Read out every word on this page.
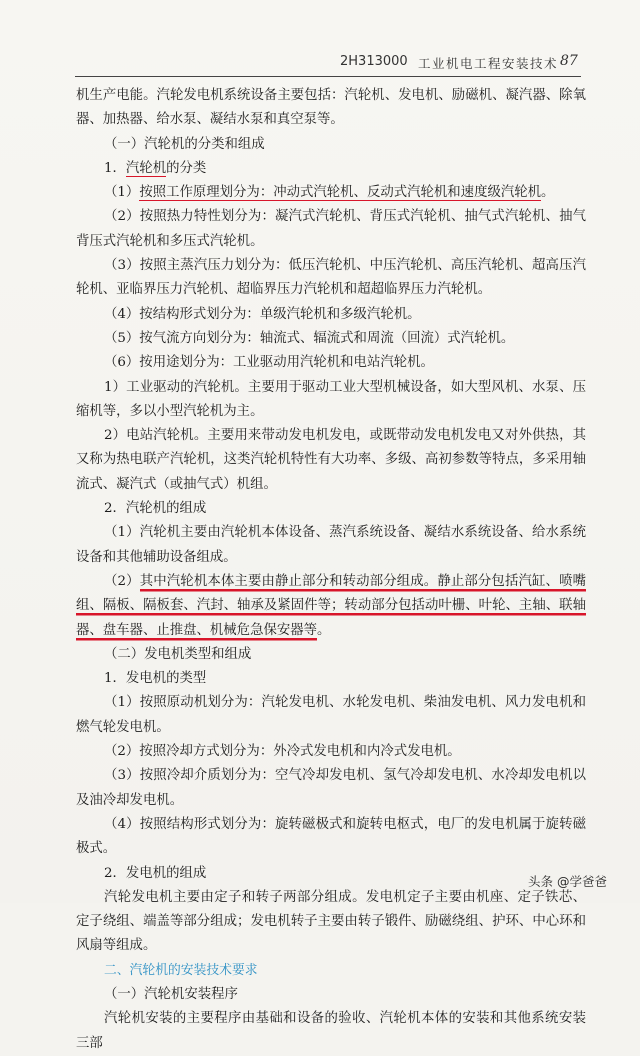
2H313000 工业机电工程安装技术 87

机生产电能。汽轮发电机系统设备主要包括：汽轮机、发电机、励磁机、凝汽器、除氧器、加热器、给水泵、凝结水泵和真空泵等。

（一）汽轮机的分类和组成

1．汽轮机的分类

（1）按照工作原理划分为：冲动式汽轮机、反动式汽轮机和速度级汽轮机。

（2）按照热力特性划分为：凝汽式汽轮机、背压式汽轮机、抽气式汽轮机、抽气背压式汽轮机和多压式汽轮机。

（3）按照主蒸汽压力划分为：低压汽轮机、中压汽轮机、高压汽轮机、超高压汽轮机、亚临界压力汽轮机、超临界压力汽轮机和超超临界压力汽轮机。

（4）按结构形式划分为：单级汽轮机和多级汽轮机。

（5）按气流方向划分为：轴流式、辐流式和周流（回流）式汽轮机。

（6）按用途划分为：工业驱动用汽轮机和电站汽轮机。

1）工业驱动的汽轮机。主要用于驱动工业大型机械设备，如大型风机、水泵、压缩机等，多以小型汽轮机为主。

2）电站汽轮机。主要用来带动发电机发电，或既带动发电机发电又对外供热，其又称为热电联产汽轮机，这类汽轮机特性有大功率、多级、高初参数等特点，多采用轴流式、凝汽式（或抽气式）机组。

2．汽轮机的组成

（1）汽轮机主要由汽轮机本体设备、蒸汽系统设备、凝结水系统设备、给水系统设备和其他辅助设备组成。

（2）其中汽轮机本体主要由静止部分和转动部分组成。静止部分包括汽缸、喷嘴组、隔板、隔板套、汽封、轴承及紧固件等；转动部分包括动叶栅、叶轮、主轴、联轴器、盘车器、止推盘、机械危急保安器等。

（二）发电机类型和组成

1．发电机的类型

（1）按照原动机划分为：汽轮发电机、水轮发电机、柴油发电机、风力发电机和燃气轮发电机。

（2）按照冷却方式划分为：外冷式发电机和内冷式发电机。

（3）按照冷却介质划分为：空气冷却发电机、氢气冷却发电机、水冷却发电机以及油冷却发电机。

（4）按照结构形式划分为：旋转磁极式和旋转电枢式，电厂的发电机属于旋转磁极式。

2．发电机的组成

汽轮发电机主要由定子和转子两部分组成。发电机定子主要由机座、定子铁芯、定子绕组、端盖等部分组成；发电机转子主要由转子锻件、励磁绕组、护环、中心环和风扇等组成。

二、汽轮机的安装技术要求

（一）汽轮机安装程序

汽轮机安装的主要程序由基础和设备的验收、汽轮机本体的安装和其他系统安装三部

头条 @学爸爸
